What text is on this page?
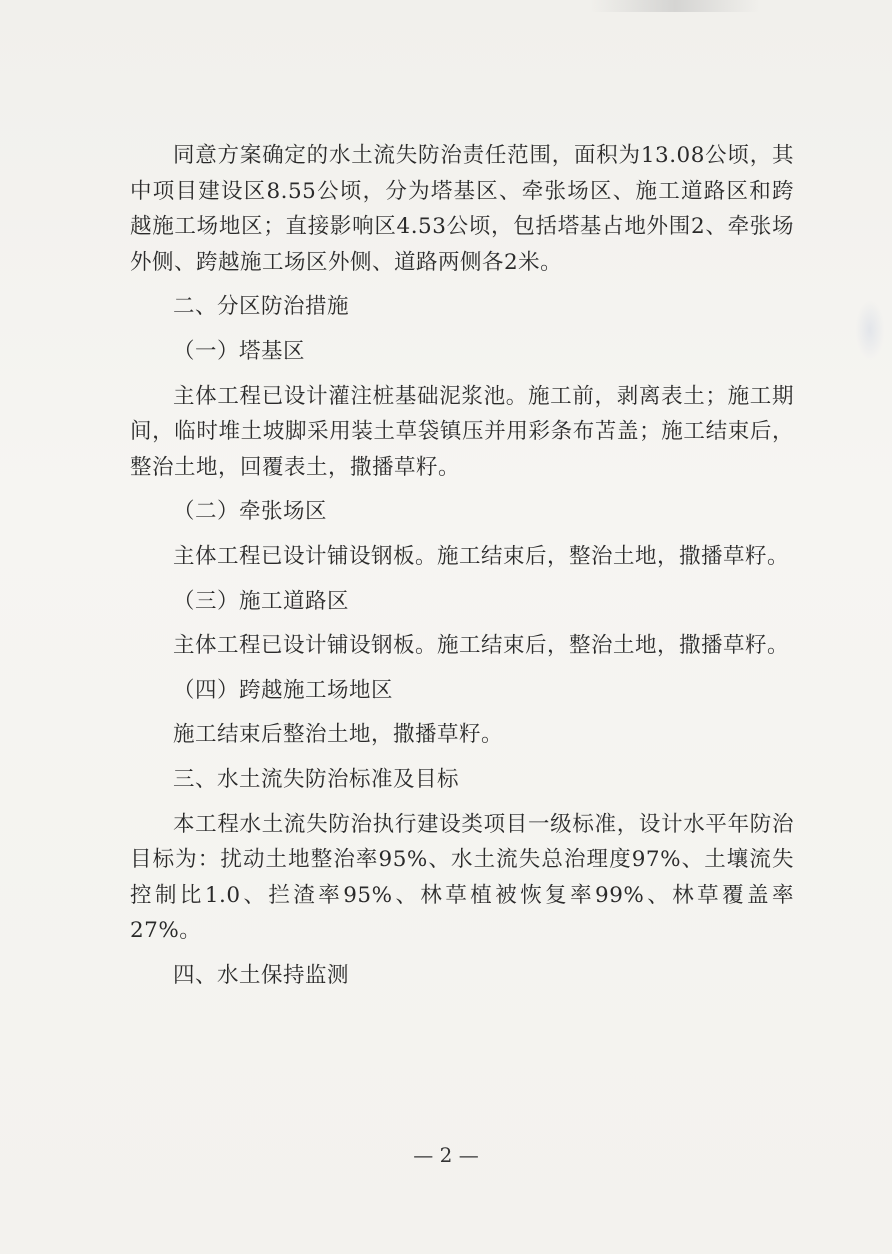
同意方案确定的水土流失防治责任范围，面积为13.08公顷，其中项目建设区8.55公顷，分为塔基区、牵张场区、施工道路区和跨越施工场地区；直接影响区4.53公顷，包括塔基占地外围2、牵张场外侧、跨越施工场区外侧、道路两侧各2米。

二、分区防治措施

（一）塔基区

主体工程已设计灌注桩基础泥浆池。施工前，剥离表土；施工期间，临时堆土坡脚采用装土草袋镇压并用彩条布苫盖；施工结束后，整治土地，回覆表土，撒播草籽。

（二）牵张场区

主体工程已设计铺设钢板。施工结束后，整治土地，撒播草籽。

（三）施工道路区

主体工程已设计铺设钢板。施工结束后，整治土地，撒播草籽。

（四）跨越施工场地区

施工结束后整治土地，撒播草籽。

三、水土流失防治标准及目标

本工程水土流失防治执行建设类项目一级标准，设计水平年防治目标为：扰动土地整治率95%、水土流失总治理度97%、土壤流失控制比1.0、拦渣率95%、林草植被恢复率99%、林草覆盖率27%。

四、水土保持监测

— 2 —
